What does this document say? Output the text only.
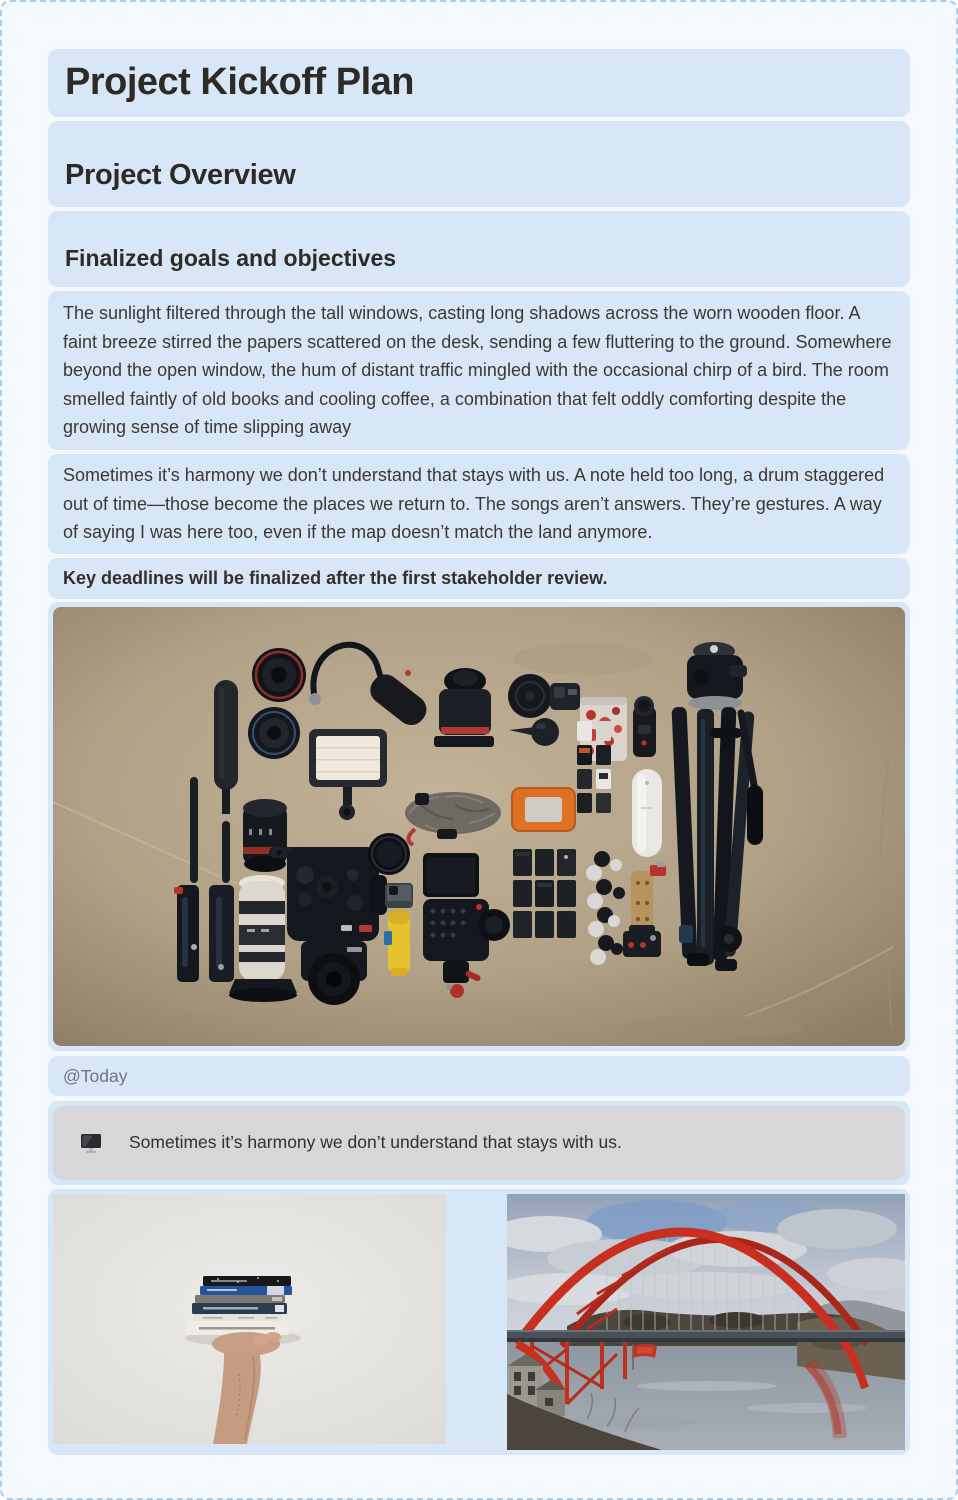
Project Kickoff Plan
Project Overview
Finalized goals and objectives
The sunlight filtered through the tall windows, casting long shadows across the worn wooden floor. A faint breeze stirred the papers scattered on the desk, sending a few fluttering to the ground. Somewhere beyond the open window, the hum of distant traffic mingled with the occasional chirp of a bird. The room smelled faintly of old books and cooling coffee, a combination that felt oddly comforting despite the growing sense of time slipping away
Sometimes it’s harmony we don’t understand that stays with us. A note held too long, a drum staggered out of time—those become the places we return to. The songs aren’t answers. They’re gestures. A way of saying I was here too, even if the map doesn’t match the land anymore.
Key deadlines will be finalized after the first stakeholder review.
@Today
Sometimes it’s harmony we don’t understand that stays with us.
